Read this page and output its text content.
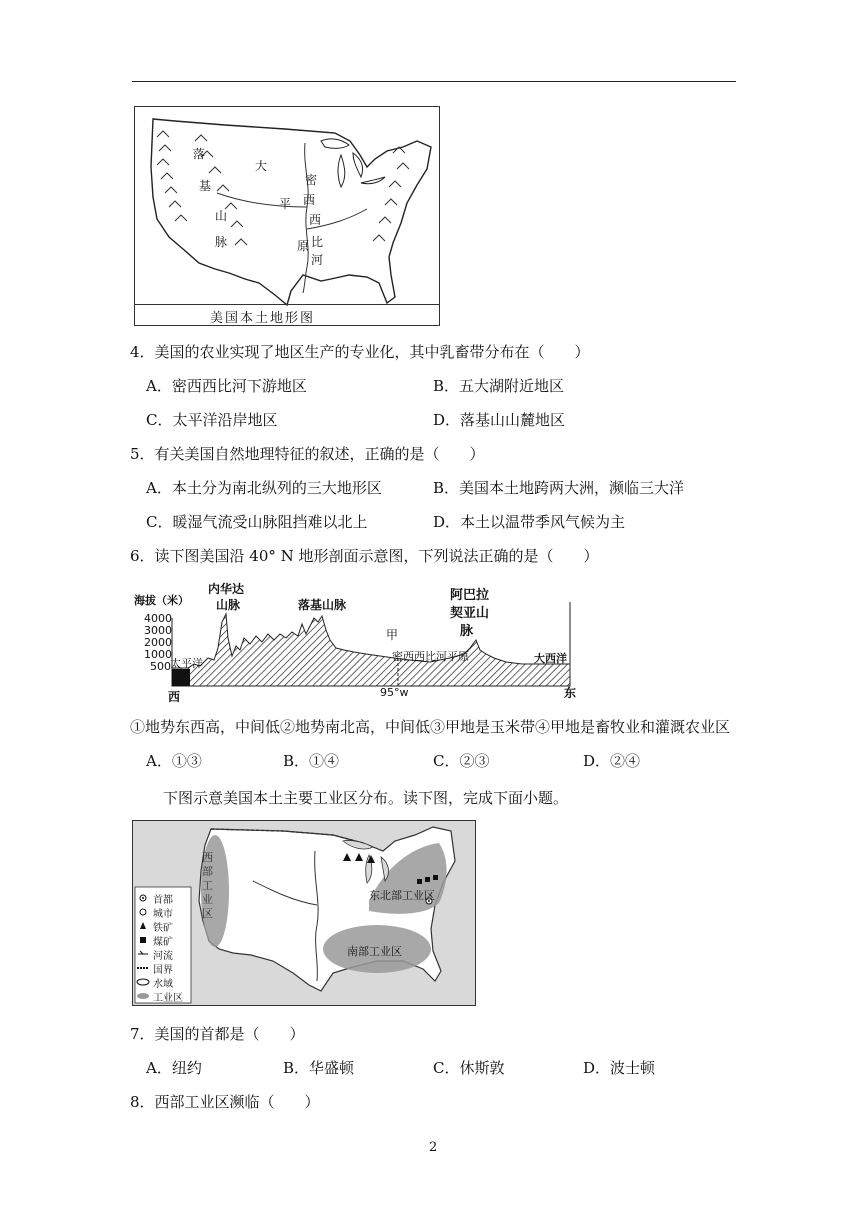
落
基
山
脉
大
平
原
密
西
西
比
河
美国本土地形图
4．美国的农业实现了地区生产的专业化，其中乳畜带分布在（　　）
A．密西西比河下游地区	B．五大湖附近地区
C．太平洋沿岸地区	D．落基山山麓地区
5．有关美国自然地理特征的叙述，正确的是（　　）
A．本土分为南北纵列的三大地形区	B．美国本土地跨两大洲，濒临三大洋
C．暖湿气流受山脉阻挡难以北上	D．本土以温带季风气候为主
6．读下图美国沿 40° N 地形剖面示意图，下列说法正确的是（　　）
海拔（米）
4000
3000
2000
1000
500
内华达
山脉	落基山脉
阿巴拉
契亚山
脉
甲
密西西比河平原
太平洋	大西洋
西	东
95°w
①地势东西高，中间低②地势南北高，中间低③甲地是玉米带④甲地是畜牧业和灌溉农业区
A．①③	B．①④	C．②③	D．②④
下图示意美国本土主要工业区分布。读下图，完成下面小题。
西
部
工
业
区
东北部工业区
南部工业区
首都
城市
铁矿
煤矿
河流
国界
水域
工业区
7．美国的首都是（　　）
A．纽约	B．华盛顿	C．休斯敦	D．波士顿
8．西部工业区濒临（　　）
2
